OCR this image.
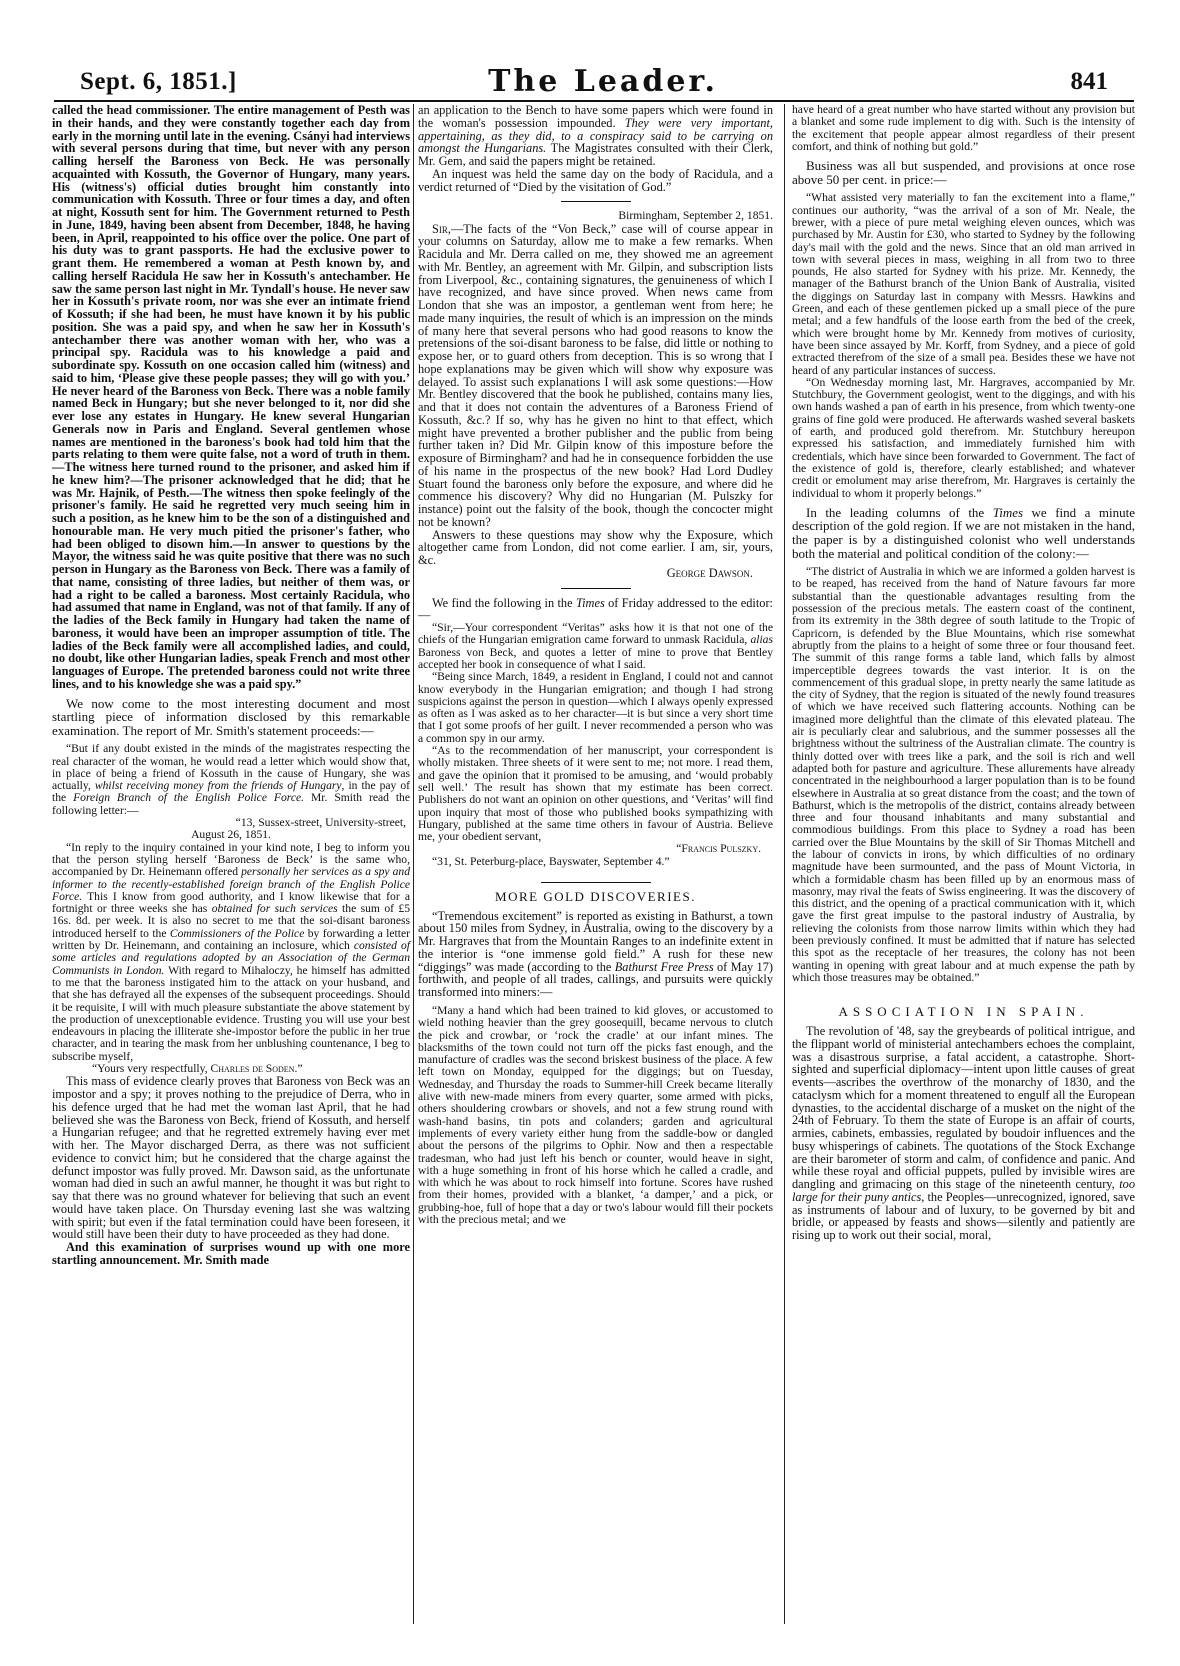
Sept. 6, 1851.]	The Leader.	841

called the head commissioner. The entire management of Pesth was in their hands, and they were constantly together each day from early in the morning until late in the evening. Csányi had interviews with several persons during that time, but never with any person calling herself the Baroness von Beck. He was personally acquainted with Kossuth, the Governor of Hungary, many years. His (witness's) official duties brought him constantly into communication with Kossuth. Three or four times a day, and often at night, Kossuth sent for him. The Government returned to Pesth in June, 1849, having been absent from December, 1848, he having been, in April, reappointed to his office over the police. One part of his duty was to grant passports. He had the exclusive power to grant them. He remembered a woman at Pesth known by, and calling herself Racidula He saw her in Kossuth's antechamber. He saw the same person last night in Mr. Tyndall's house. He never saw her in Kossuth's private room, nor was she ever an intimate friend of Kossuth; if she had been, he must have known it by his public position. She was a paid spy, and when he saw her in Kossuth's antechamber there was another woman with her, who was a principal spy. Racidula was to his knowledge a paid and subordinate spy. Kossuth on one occasion called him (witness) and said to him, ‘Please give these people passes; they will go with you.’ He never heard of the Baroness von Beck. There was a noble family named Beck in Hungary; but she never belonged to it, nor did she ever lose any estates in Hungary. He knew several Hungarian Generals now in Paris and England. Several gentlemen whose names are mentioned in the baroness's book had told him that the parts relating to them were quite false, not a word of truth in them.—The witness here turned round to the prisoner, and asked him if he knew him?—The prisoner acknowledged that he did; that he was Mr. Hajnik, of Pesth.—The witness then spoke feelingly of the prisoner's family. He said he regretted very much seeing him in such a position, as he knew him to be the son of a distinguished and honourable man. He very much pitied the prisoner's father, who had been obliged to disown him.—In answer to questions by the Mayor, the witness said he was quite positive that there was no such person in Hungary as the Baroness von Beck. There was a family of that name, consisting of three ladies, but neither of them was, or had a right to be called a baroness. Most certainly Racidula, who had assumed that name in England, was not of that family. If any of the ladies of the Beck family in Hungary had taken the name of baroness, it would have been an improper assumption of title. The ladies of the Beck family were all accomplished ladies, and could, no doubt, like other Hungarian ladies, speak French and most other languages of Europe. The pretended baroness could not write three lines, and to his knowledge she was a paid spy.”

We now come to the most interesting document and most startling piece of information disclosed by this remarkable examination. The report of Mr. Smith's statement proceeds:—

“But if any doubt existed in the minds of the magistrates respecting the real character of the woman, he would read a letter which would show that, in place of being a friend of Kossuth in the cause of Hungary, she was actually, whilst receiving money from the friends of Hungary, in the pay of the Foreign Branch of the English Police Force. Mr. Smith read the following letter:—

“13, Sussex-street, University-street,

August 26, 1851.

“In reply to the inquiry contained in your kind note, I beg to inform you that the person styling herself ‘Baroness de Beck’ is the same who, accompanied by Dr. Heinemann offered personally her services as a spy and informer to the recently-established foreign branch of the English Police Force. This I know from good authority, and I know likewise that for a fortnight or three weeks she has obtained for such services the sum of £5 16s. 8d. per week. It is also no secret to me that the soi-disant baroness introduced herself to the Commissioners of the Police by forwarding a letter written by Dr. Heinemann, and containing an inclosure, which consisted of some articles and regulations adopted by an Association of the German Communists in London. With regard to Mihaloczy, he himself has admitted to me that the baroness instigated him to the attack on your husband, and that she has defrayed all the expenses of the subsequent proceedings. Should it be requisite, I will with much pleasure substantiate the above statement by the production of unexceptionable evidence. Trusting you will use your best endeavours in placing the illiterate she-impostor before the public in her true character, and in tearing the mask from her unblushing countenance, I beg to subscribe myself,

“Yours very respectfully, Charles de Soden.”

This mass of evidence clearly proves that Baroness von Beck was an impostor and a spy; it proves nothing to the prejudice of Derra, who in his defence urged that he had met the woman last April, that he had believed she was the Baroness von Beck, friend of Kossuth, and herself a Hungarian refugee; and that he regretted extremely having ever met with her. The Mayor discharged Derra, as there was not sufficient evidence to convict him; but he considered that the charge against the defunct impostor was fully proved. Mr. Dawson said, as the unfortunate woman had died in such an awful manner, he thought it was but right to say that there was no ground whatever for believing that such an event would have taken place. On Thursday evening last she was waltzing with spirit; but even if the fatal termination could have been foreseen, it would still have been their duty to have proceeded as they had done.

And this examination of surprises wound up with one more startling announcement. Mr. Smith made

an application to the Bench to have some papers which were found in the woman's possession impounded. They were very important, appertaining, as they did, to a conspiracy said to be carrying on amongst the Hungarians. The Magistrates consulted with their Clerk, Mr. Gem, and said the papers might be retained.

An inquest was held the same day on the body of Racidula, and a verdict returned of “Died by the visitation of God.”

Birmingham, September 2, 1851.

Sir,—The facts of the “Von Beck,” case will of course appear in your columns on Saturday, allow me to make a few remarks. When Racidula and Mr. Derra called on me, they showed me an agreement with Mr. Bentley, an agreement with Mr. Gilpin, and subscription lists from Liverpool, &c., containing signatures, the genuineness of which I have recognized, and have since proved. When news came from London that she was an impostor, a gentleman went from here; he made many inquiries, the result of which is an impression on the minds of many here that several persons who had good reasons to know the pretensions of the soi-disant baroness to be false, did little or nothing to expose her, or to guard others from deception. This is so wrong that I hope explanations may be given which will show why exposure was delayed. To assist such explanations I will ask some questions:—How Mr. Bentley discovered that the book he published, contains many lies, and that it does not contain the adventures of a Baroness Friend of Kossuth, &c.? If so, why has he given no hint to that effect, which might have prevented a brother publisher and the public from being further taken in? Did Mr. Gilpin know of this imposture before the exposure of Birmingham? and had he in consequence forbidden the use of his name in the prospectus of the new book? Had Lord Dudley Stuart found the baroness only before the exposure, and where did he commence his discovery? Why did no Hungarian (M. Pulszky for instance) point out the falsity of the book, though the concocter might not be known?

Answers to these questions may show why the Exposure, which altogether came from London, did not come earlier. I am, sir, yours, &c.

George Dawson.

We find the following in the Times of Friday addressed to the editor:—

“Sir,—Your correspondent “Veritas” asks how it is that not one of the chiefs of the Hungarian emigration came forward to unmask Racidula, alias Baroness von Beck, and quotes a letter of mine to prove that Bentley accepted her book in consequence of what I said.

“Being since March, 1849, a resident in England, I could not and cannot know everybody in the Hungarian emigration; and though I had strong suspicions against the person in question—which I always openly expressed as often as I was asked as to her character—it is but since a very short time that I got some proofs of her guilt. I never recommended a person who was a common spy in our army.

“As to the recommendation of her manuscript, your correspondent is wholly mistaken. Three sheets of it were sent to me; not more. I read them, and gave the opinion that it promised to be amusing, and ‘would probably sell well.’ The result has shown that my estimate has been correct. Publishers do not want an opinion on other questions, and ‘Veritas’ will find upon inquiry that most of those who published books sympathizing with Hungary, published at the same time others in favour of Austria. Believe me, your obedient servant,

“Francis Pulszky.

“31, St. Peterburg-place, Bayswater, September 4.”

MORE GOLD DISCOVERIES.

“Tremendous excitement” is reported as existing in Bathurst, a town about 150 miles from Sydney, in Australia, owing to the discovery by a Mr. Hargraves that from the Mountain Ranges to an indefinite extent in the interior is “one immense gold field.” A rush for these new “diggings” was made (according to the Bathurst Free Press of May 17) forthwith, and people of all trades, callings, and pursuits were quickly transformed into miners:—

“Many a hand which had been trained to kid gloves, or accustomed to wield nothing heavier than the grey goosequill, became nervous to clutch the pick and crowbar, or ‘rock the cradle’ at our infant mines. The blacksmiths of the town could not turn off the picks fast enough, and the manufacture of cradles was the second briskest business of the place. A few left town on Monday, equipped for the diggings; but on Tuesday, Wednesday, and Thursday the roads to Summer-hill Creek became literally alive with new-made miners from every quarter, some armed with picks, others shouldering crowbars or shovels, and not a few strung round with wash-hand basins, tin pots and colanders; garden and agricultural implements of every variety either hung from the saddle-bow or dangled about the persons of the pilgrims to Ophir. Now and then a respectable tradesman, who had just left his bench or counter, would heave in sight, with a huge something in front of his horse which he called a cradle, and with which he was about to rock himself into fortune. Scores have rushed from their homes, provided with a blanket, ‘a damper,’ and a pick, or grubbing-hoe, full of hope that a day or two's labour would fill their pockets with the precious metal; and we

have heard of a great number who have started without any provision but a blanket and some rude implement to dig with. Such is the intensity of the excitement that people appear almost regardless of their present comfort, and think of nothing but gold.”

Business was all but suspended, and provisions at once rose above 50 per cent. in price:—

“What assisted very materially to fan the excitement into a flame,” continues our authority, “was the arrival of a son of Mr. Neale, the brewer, with a piece of pure metal weighing eleven ounces, which was purchased by Mr. Austin for £30, who started to Sydney by the following day's mail with the gold and the news. Since that an old man arrived in town with several pieces in mass, weighing in all from two to three pounds, He also started for Sydney with his prize. Mr. Kennedy, the manager of the Bathurst branch of the Union Bank of Australia, visited the diggings on Saturday last in company with Messrs. Hawkins and Green, and each of these gentlemen picked up a small piece of the pure metal; and a few handfuls of the loose earth from the bed of the creek, which were brought home by Mr. Kennedy from motives of curiosity, have been since assayed by Mr. Korff, from Sydney, and a piece of gold extracted therefrom of the size of a small pea. Besides these we have not heard of any particular instances of success.

“On Wednesday morning last, Mr. Hargraves, accompanied by Mr. Stutchbury, the Government geologist, went to the diggings, and with his own hands washed a pan of earth in his presence, from which twenty-one grains of fine gold were produced. He afterwards washed several baskets of earth, and produced gold therefrom. Mr. Stutchbury hereupon expressed his satisfaction, and immediately furnished him with credentials, which have since been forwarded to Government. The fact of the existence of gold is, therefore, clearly established; and whatever credit or emolument may arise therefrom, Mr. Hargraves is certainly the individual to whom it properly belongs.”

In the leading columns of the Times we find a minute description of the gold region. If we are not mistaken in the hand, the paper is by a distinguished colonist who well understands both the material and political condition of the colony:—

“The district of Australia in which we are informed a golden harvest is to be reaped, has received from the hand of Nature favours far more substantial than the questionable advantages resulting from the possession of the precious metals. The eastern coast of the continent, from its extremity in the 38th degree of south latitude to the Tropic of Capricorn, is defended by the Blue Mountains, which rise somewhat abruptly from the plains to a height of some three or four thousand feet. The summit of this range forms a table land, which falls by almost imperceptible degrees towards the vast interior. It is on the commencement of this gradual slope, in pretty nearly the same latitude as the city of Sydney, that the region is situated of the newly found treasures of which we have received such flattering accounts. Nothing can be imagined more delightful than the climate of this elevated plateau. The air is peculiarly clear and salubrious, and the summer possesses all the brightness without the sultriness of the Australian climate. The country is thinly dotted over with trees like a park, and the soil is rich and well adapted both for pasture and agriculture. These allurements have already concentrated in the neighbourhood a larger population than is to be found elsewhere in Australia at so great distance from the coast; and the town of Bathurst, which is the metropolis of the district, contains already between three and four thousand inhabitants and many substantial and commodious buildings. From this place to Sydney a road has been carried over the Blue Mountains by the skill of Sir Thomas Mitchell and the labour of convicts in irons, by which difficulties of no ordinary magnitude have been surmounted, and the pass of Mount Victoria, in which a formidable chasm has been filled up by an enormous mass of masonry, may rival the feats of Swiss engineering. It was the discovery of this district, and the opening of a practical communication with it, which gave the first great impulse to the pastoral industry of Australia, by relieving the colonists from those narrow limits within which they had been previously confined. It must be admitted that if nature has selected this spot as the receptacle of her treasures, the colony has not been wanting in opening with great labour and at much expense the path by which those treasures may be obtained.”

ASSOCIATION IN SPAIN.

The revolution of '48, say the greybeards of political intrigue, and the flippant world of ministerial antechambers echoes the complaint, was a disastrous surprise, a fatal accident, a catastrophe. Short-sighted and superficial diplomacy—intent upon little causes of great events—ascribes the overthrow of the monarchy of 1830, and the cataclysm which for a moment threatened to engulf all the European dynasties, to the accidental discharge of a musket on the night of the 24th of February. To them the state of Europe is an affair of courts, armies, cabinets, embassies, regulated by boudoir influences and the busy whisperings of cabinets. The quotations of the Stock Exchange are their barometer of storm and calm, of confidence and panic. And while these royal and official puppets, pulled by invisible wires are dangling and grimacing on this stage of the nineteenth century, too large for their puny antics, the Peoples—unrecognized, ignored, save as instruments of labour and of luxury, to be governed by bit and bridle, or appeased by feasts and shows—silently and patiently are rising up to work out their social, moral,
